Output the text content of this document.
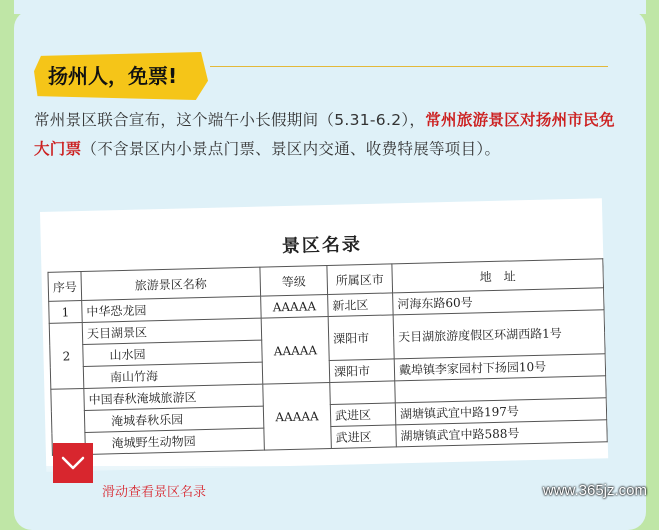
扬州人，免票!
常州景区联合宣布，这个端午小长假期间（5.31-6.2），常州旅游景区对扬州市民免大门票（不含景区内小景点门票、景区内交通、收费特展等项目）。
景区名录
序号	旅游景区名称	等级	所属区市	地　址
1	中华恐龙园	AAAAA	新北区	河海东路60号
2	天目湖景区	AAAAA	溧阳市	天目湖旅游度假区环湖西路1号
	山水园			
	南山竹海		溧阳市	戴埠镇李家园村下扬园10号
	中国春秋淹城旅游区	AAAAA		
	淹城春秋乐园		武进区	湖塘镇武宜中路197号
	淹城野生动物园		武进区	湖塘镇武宜中路588号
滑动查看景区名录	www.365jz.com
